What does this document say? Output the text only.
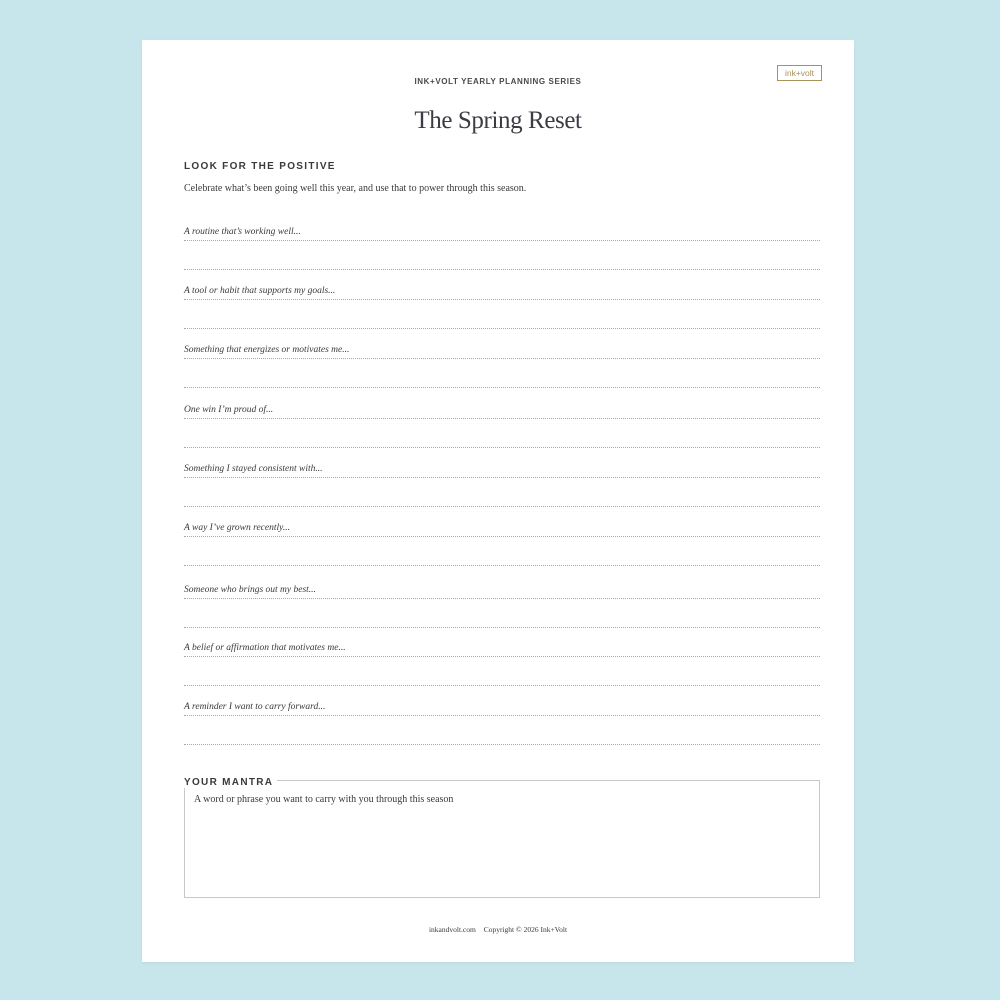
INK+VOLT YEARLY PLANNING SERIES
ink+volt
The Spring Reset
LOOK FOR THE POSITIVE
Celebrate what’s been going well this year, and use that to power through this season.
A routine that’s working well...
A tool or habit that supports my goals...
Something that energizes or motivates me...
One win I’m proud of...
Something I stayed consistent with...
A way I’ve grown recently...
Someone who brings out my best...
A belief or affirmation that motivates me...
A reminder I want to carry forward...
YOUR MANTRA
A word or phrase you want to carry with you through this season
inkandvolt.com Copyright © 2026 Ink+Volt
